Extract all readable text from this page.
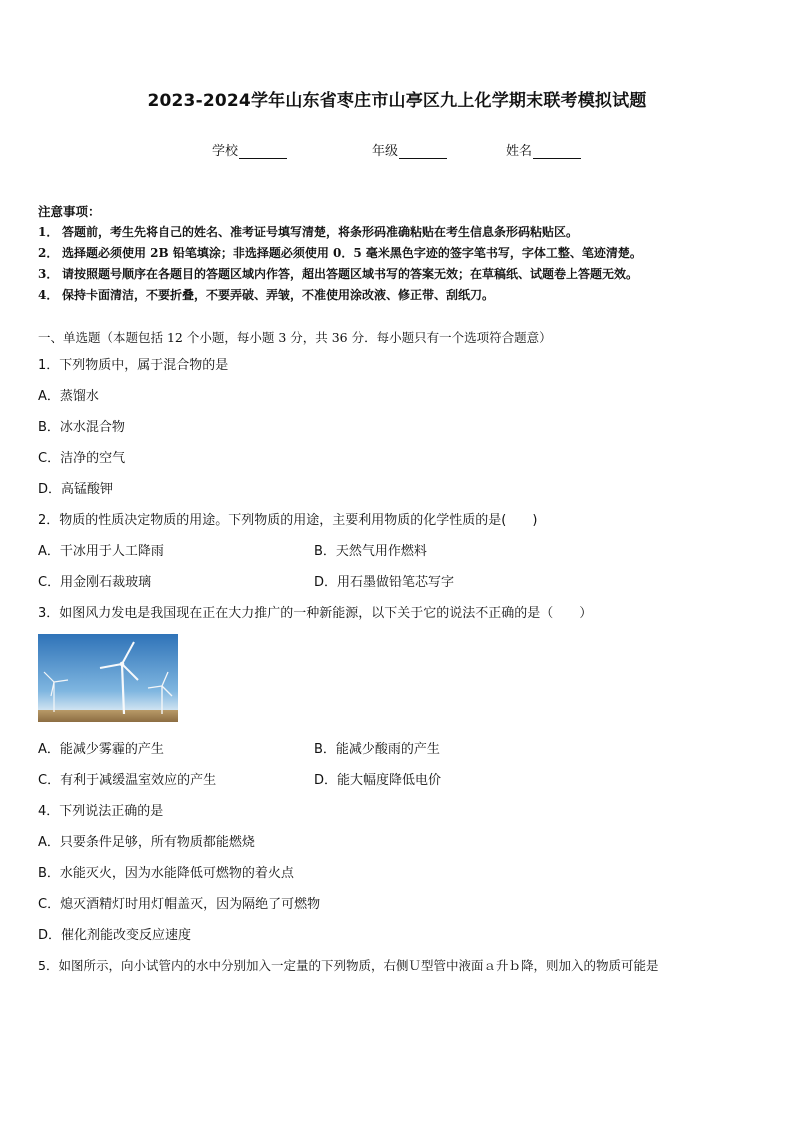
2023-2024学年山东省枣庄市山亭区九上化学期末联考模拟试题
学校	年级	姓名
注意事项：
1． 答题前，考生先将自己的姓名、准考证号填写清楚，将条形码准确粘贴在考生信息条形码粘贴区。
2． 选择题必须使用 2B 铅笔填涂；非选择题必须使用 0．5 毫米黑色字迹的签字笔书写，字体工整、笔迹清楚。
3． 请按照题号顺序在各题目的答题区域内作答，超出答题区域书写的答案无效；在草稿纸、试题卷上答题无效。
4． 保持卡面清洁，不要折叠，不要弄破、弄皱，不准使用涂改液、修正带、刮纸刀。
一、单选题（本题包括 12 个小题，每小题 3 分，共 36 分．每小题只有一个选项符合题意）
1．下列物质中，属于混合物的是
A．蒸馏水
B．冰水混合物
C．洁净的空气
D．高锰酸钾
2．物质的性质决定物质的用途。下列物质的用途，主要利用物质的化学性质的是(　　)
A．干冰用于人工降雨	B．天然气用作燃料
C．用金刚石裁玻璃	D．用石墨做铅笔芯写字
3．如图风力发电是我国现在正在大力推广的一种新能源，以下关于它的说法不正确的是（　　）
A．能减少雾霾的产生	B．能减少酸雨的产生
C．有利于减缓温室效应的产生	D．能大幅度降低电价
4．下列说法正确的是
A．只要条件足够，所有物质都能燃烧
B．水能灭火，因为水能降低可燃物的着火点
C．熄灭酒精灯时用灯帽盖灭，因为隔绝了可燃物
D．催化剂能改变反应速度
5．如图所示，向小试管内的水中分别加入一定量的下列物质，右侧Ｕ型管中液面ａ升ｂ降，则加入的物质可能是
